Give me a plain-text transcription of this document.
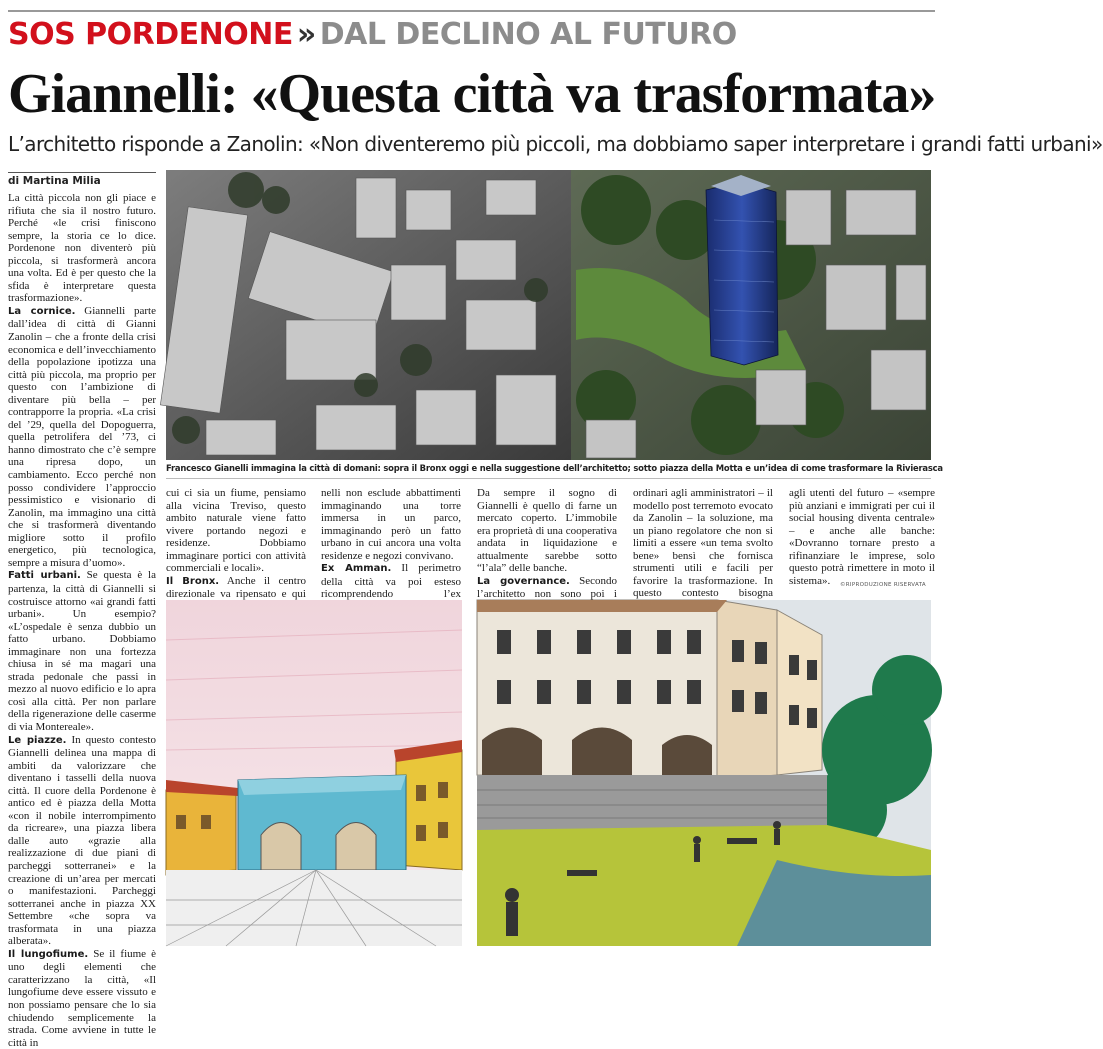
SOS PORDENONE » DAL DECLINO AL FUTURO
Giannelli: «Questa città va trasformata»
L’architetto risponde a Zanolin: «Non diventeremo più piccoli, ma dobbiamo saper interpretare i grandi fatti urbani»
di Martina Milia

La città piccola non gli piace e rifiuta che sia il nostro futuro. Perché «le crisi finiscono sempre, la storia ce lo dice. Pordenone non diventerò più piccola, si trasformerà ancora una volta. Ed è per questo che la sfida è interpretare questa trasformazione».

La cornice. Giannelli parte dall’idea di città di Gianni Zanolin – che a fronte della crisi economica e dell’invecchiamento della popolazione ipotizza una città più piccola, ma proprio per questo con l’ambizione di diventare più bella – per contrapporre la propria. «La crisi del ’29, quella del Dopoguerra, quella petrolifera del ’73, ci hanno dimostrato che c’è sempre una ripresa dopo, un cambiamento. Ecco perché non posso condividere l’approccio pessimistico e visionario di Zanolin, ma immagino una città che si trasformerà diventando migliore sotto il profilo energetico, più tecnologica, sempre a misura d’uomo».

Fatti urbani. Se questa è la partenza, la città di Giannelli si costruisce attorno «ai grandi fatti urbani». Un esempio? «L’ospedale è senza dubbio un fatto urbano. Dobbiamo immaginare non una fortezza chiusa in sé ma magari una strada pedonale che passi in mezzo al nuovo edificio e lo apra così alla città. Per non parlare della rigenerazione delle caserme di via Montereale».

Le piazze. In questo contesto Giannelli delinea una mappa di ambiti da valorizzare che diventano i tasselli della nuova città. Il cuore della Pordenone è antico ed è piazza della Motta «con il nobile interrompimento da ricreare», una piazza libera dalle auto «grazie alla realizzazione di due piani di parcheggi sotterranei» e la creazione di un’area per mercati o manifestazioni. Parcheggi sotterranei anche in piazza XX Settembre «che sopra va trasformata in una piazza alberata».

Il lungofiume. Se il fiume è uno degli elementi che caratterizzano la città, «Il lungofiume deve essere vissuto e non possiamo pensare che lo sia chiudendo semplicemente la strada. Come avviene in tutte le città in

Francesco Gianelli immagina la città di domani: sopra il Bronx oggi e nella suggestione dell’architetto; sotto piazza della Motta e un’idea di come trasformare la Rivierasca

cui ci sia un fiume, pensiamo alla vicina Treviso, questo ambito naturale viene fatto vivere portando negozi e residenze. Dobbiamo immaginare portici con attività commerciali e locali».

Il Bronx. Anche il centro direzionale va ripensato e qui

nelli non esclude abbattimenti immaginando una torre immersa in un parco, immaginando però un fatto urbano in cui ancora una volta residenze e negozi convivano.

Ex Amman. Il perimetro della città va poi esteso ricomprendendo l’ex

Da sempre il sogno di Giannelli è quello di farne un mercato coperto. L’immobile era proprietà di una cooperativa andata in liquidazione e attualmente sarebbe sotto “l’ala” delle banche.

La governance. Secondo l’architetto non sono poi i

ordinari agli amministratori – il modello post terremoto evocato da Zanolin – la soluzione, ma un piano regolatore che non si limiti a essere «un tema svolto bene» bensì che fornisca strumenti utili e facili per favorire la trasformazione. In questo contesto bisogna

agli utenti del futuro – «sempre più anziani e immigrati per cui il social housing diventa centrale» – e anche alle banche: «Dovranno tornare presto a rifinanziare le imprese, solo questo potrà rimettere in moto il sistema».	©RIPRODUZIONE RISERVATA
